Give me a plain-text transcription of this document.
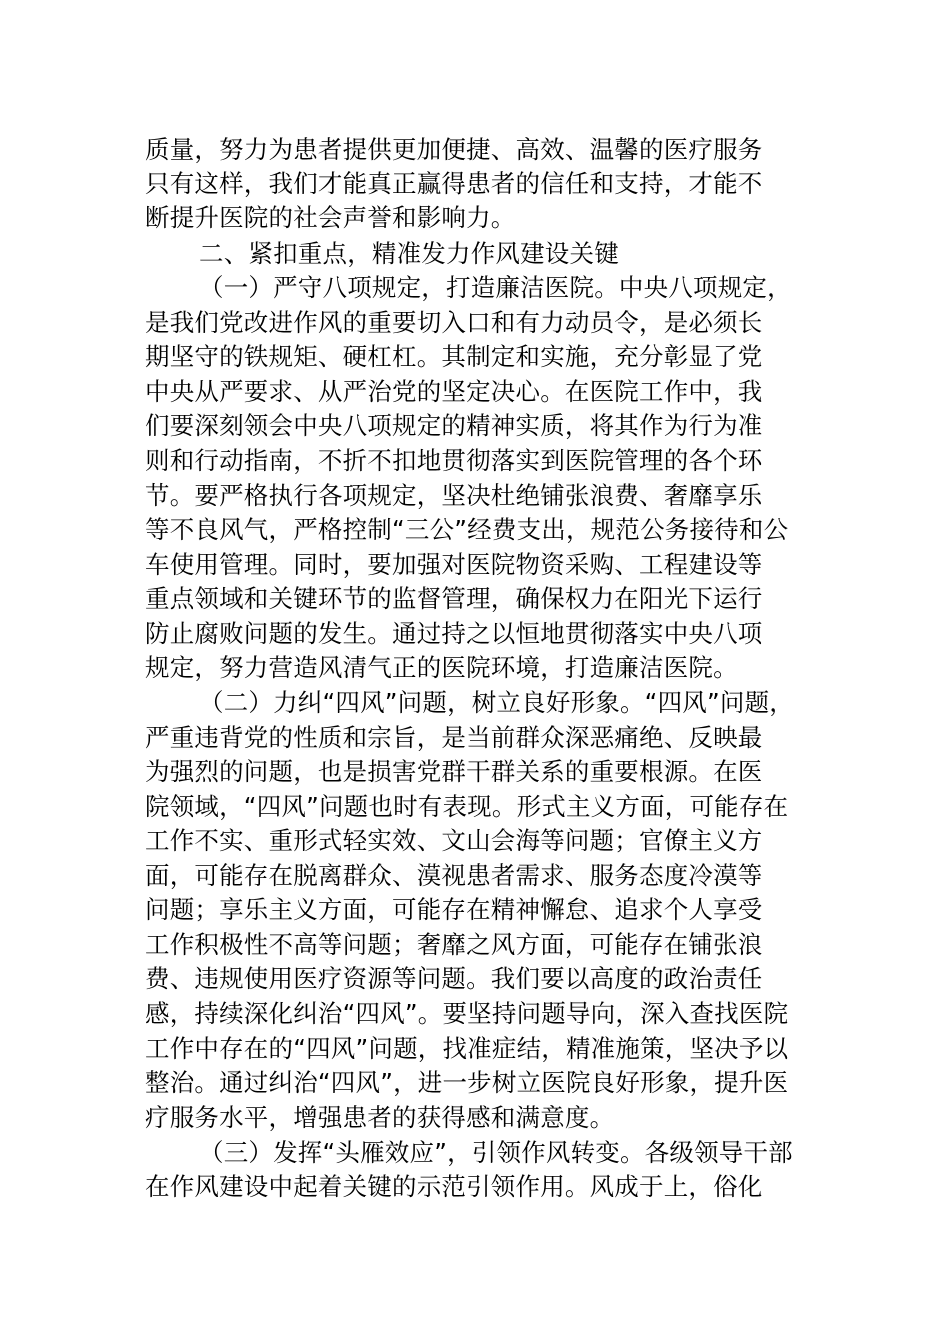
质量，努力为患者提供更加便捷、高效、温馨的医疗服务
只有这样，我们才能真正赢得患者的信任和支持，才能不
断提升医院的社会声誉和影响力。
二、紧扣重点，精准发力作风建设关键
（一）严守八项规定，打造廉洁医院。中央八项规定，
是我们党改进作风的重要切入口和有力动员令，是必须长
期坚守的铁规矩、硬杠杠。其制定和实施，充分彰显了党
中央从严要求、从严治党的坚定决心。在医院工作中，我
们要深刻领会中央八项规定的精神实质，将其作为行为准
则和行动指南，不折不扣地贯彻落实到医院管理的各个环
节。要严格执行各项规定，坚决杜绝铺张浪费、奢靡享乐
等不良风气，严格控制“三公”经费支出，规范公务接待和公
车使用管理。同时，要加强对医院物资采购、工程建设等
重点领域和关键环节的监督管理，确保权力在阳光下运行
防止腐败问题的发生。通过持之以恒地贯彻落实中央八项
规定，努力营造风清气正的医院环境，打造廉洁医院。
（二）力纠“四风”问题，树立良好形象。“四风”问题，
严重违背党的性质和宗旨，是当前群众深恶痛绝、反映最
为强烈的问题，也是损害党群干群关系的重要根源。在医
院领域，“四风”问题也时有表现。形式主义方面，可能存在
工作不实、重形式轻实效、文山会海等问题；官僚主义方
面，可能存在脱离群众、漠视患者需求、服务态度冷漠等
问题；享乐主义方面，可能存在精神懈怠、追求个人享受
工作积极性不高等问题；奢靡之风方面，可能存在铺张浪
费、违规使用医疗资源等问题。我们要以高度的政治责任
感，持续深化纠治“四风”。要坚持问题导向，深入查找医院
工作中存在的“四风”问题，找准症结，精准施策，坚决予以
整治。通过纠治“四风”，进一步树立医院良好形象，提升医
疗服务水平，增强患者的获得感和满意度。
（三）发挥“头雁效应”，引领作风转变。各级领导干部
在作风建设中起着关键的示范引领作用。风成于上，俗化
